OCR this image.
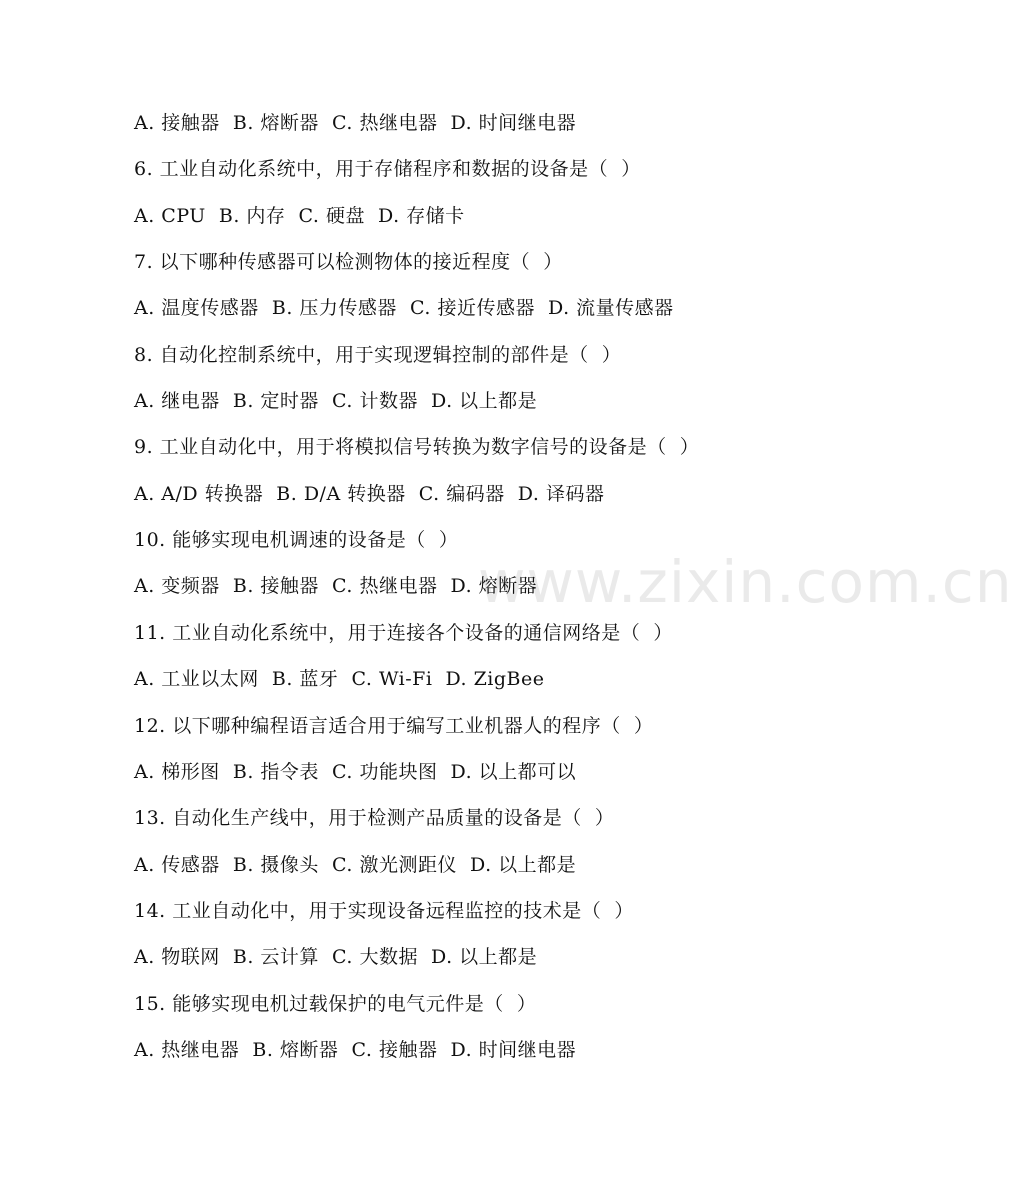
www.zixin.com.cn
A. 接触器  B. 熔断器  C. 热继电器  D. 时间继电器
6. 工业自动化系统中，用于存储程序和数据的设备是（  ）
A. CPU  B. 内存  C. 硬盘  D. 存储卡
7. 以下哪种传感器可以检测物体的接近程度（  ）
A. 温度传感器  B. 压力传感器  C. 接近传感器  D. 流量传感器
8. 自动化控制系统中，用于实现逻辑控制的部件是（  ）
A. 继电器  B. 定时器  C. 计数器  D. 以上都是
9. 工业自动化中，用于将模拟信号转换为数字信号的设备是（  ）
A. A/D 转换器  B. D/A 转换器  C. 编码器  D. 译码器
10. 能够实现电机调速的设备是（  ）
A. 变频器  B. 接触器  C. 热继电器  D. 熔断器
11. 工业自动化系统中，用于连接各个设备的通信网络是（  ）
A. 工业以太网  B. 蓝牙  C. Wi-Fi  D. ZigBee
12. 以下哪种编程语言适合用于编写工业机器人的程序（  ）
A. 梯形图  B. 指令表  C. 功能块图  D. 以上都可以
13. 自动化生产线中，用于检测产品质量的设备是（  ）
A. 传感器  B. 摄像头  C. 激光测距仪  D. 以上都是
14. 工业自动化中，用于实现设备远程监控的技术是（  ）
A. 物联网  B. 云计算  C. 大数据  D. 以上都是
15. 能够实现电机过载保护的电气元件是（  ）
A. 热继电器  B. 熔断器  C. 接触器  D. 时间继电器
